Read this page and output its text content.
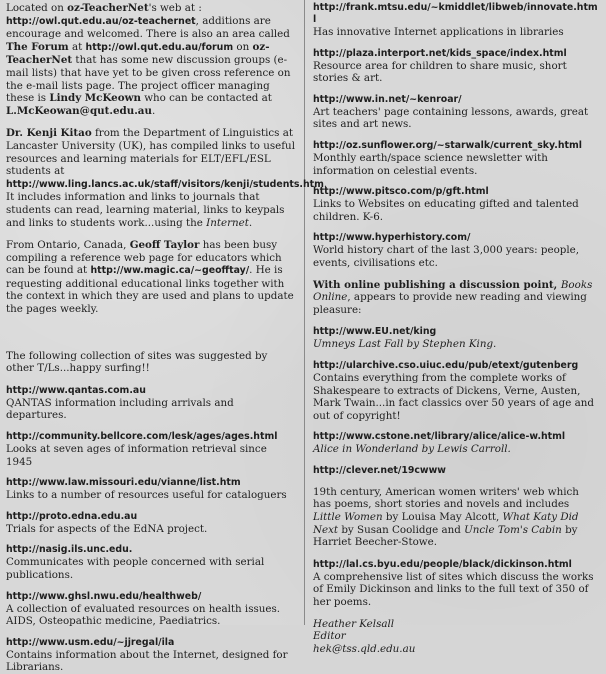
Located on oz-TeacherNet's web at : http://owl.qut.edu.au/oz-teachernet, additions are encourage and welcomed. There is also an area called The Forum at http://owl.qut.edu.au/forum on oz-TeacherNet that has some new discussion groups (e-mail lists) that have yet to be given cross reference on the e-mail lists page. The project officer managing these is Lindy McKeown who can be contacted at L.McKeowan@qut.edu.au.

Dr. Kenji Kitao from the Department of Linguistics at Lancaster University (UK), has compiled links to useful resources and learning materials for ELT/EFL/ESL students at http://www.ling.lancs.ac.uk/staff/visitors/kenji/students.htm. It includes information and links to journals that students can read, learning material, links to keypals and links to students work...using the Internet.

From Ontario, Canada, Geoff Taylor has been busy compiling a reference web page for educators which can be found at http://ww.magic.ca/~geofftay/. He is requesting additional educational links together with the context in which they are used and plans to update the pages weekly.

The following collection of sites was suggested by other T/Ls...happy surfing!!

http://www.qantas.com.au
QANTAS information including arrivals and departures.
http://community.bellcore.com/lesk/ages/ages.html
Looks at seven ages of information retrieval since 1945
http://www.law.missouri.edu/vianne/list.htm
Links to a number of resources useful for cataloguers
http://proto.edna.edu.au
Trials for aspects of the EdNA project.
http://nasig.ils.unc.edu.
Communicates with people concerned with serial publications.
http://www.ghsl.nwu.edu/healthweb/
A collection of evaluated resources on health issues. AIDS, Osteopathic medicine, Paediatrics.
http://www.usm.edu/~jjregal/ila
Contains information about the Internet, designed for Librarians.
http://frank.mtsu.edu/~kmiddlet/libweb/innovate.html
Has innovative Internet applications in libraries
http://plaza.interport.net/kids_space/index.html
Resource area for children to share music, short stories & art.
http://www.in.net/~kenroar/
Art teachers' page containing lessons, awards, great sites and art news.
http://oz.sunflower.org/~starwalk/current_sky.html
Monthly earth/space science newsletter with information on celestial events.
http://www.pitsco.com/p/gft.html
Links to Websites on educating gifted and talented children. K-6.
http://www.hyperhistory.com/
World history chart of the last 3,000 years: people, events, civilisations etc.

With online publishing a discussion point, Books Online, appears to provide new reading and viewing pleasure:

http://www.EU.net/king
Umneys Last Fall by Stephen King.
http://ularchive.cso.uiuc.edu/pub/etext/gutenberg
Contains everything from the complete works of Shakespeare to extracts of Dickens, Verne, Austen, Mark Twain...in fact classics over 50 years of age and out of copyright!
http://www.cstone.net/library/alice/alice-w.html
Alice in Wonderland by Lewis Carroll.
http://clever.net/19cwww

19th century, American women writers' web which has poems, short stories and novels and includes Little Women by Louisa May Alcott, What Katy Did Next by Susan Coolidge and Uncle Tom's Cabin by Harriet Beecher-Stowe.

http://lal.cs.byu.edu/people/black/dickinson.html
A comprehensive list of sites which discuss the works of Emily Dickinson and links to the full text of 350 of her poems.
Heather Kelsall
Editor
hek@tss.qld.edu.au
